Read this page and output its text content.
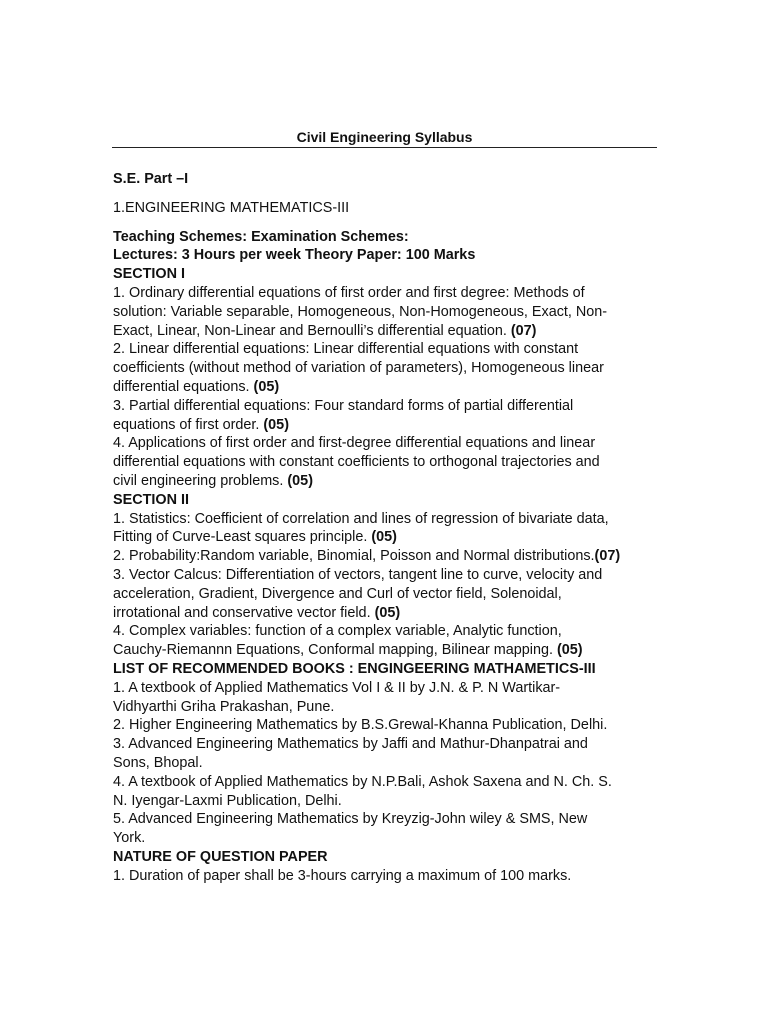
Civil Engineering Syllabus
S.E. Part –I
1.ENGINEERING MATHEMATICS-III
Teaching Schemes: Examination Schemes:
Lectures: 3 Hours per week Theory Paper: 100 Marks
SECTION I
1. Ordinary differential equations of first order and first degree: Methods of
solution: Variable separable, Homogeneous, Non-Homogeneous, Exact, Non-
Exact, Linear, Non-Linear and Bernoulli’s differential equation. (07)
2. Linear differential equations: Linear differential equations with constant
coefficients (without method of variation of parameters), Homogeneous linear
differential equations. (05)
3. Partial differential equations: Four standard forms of partial differential
equations of first order. (05)
4. Applications of first order and first-degree differential equations and linear
differential equations with constant coefficients to orthogonal trajectories and
civil engineering problems. (05)
SECTION II
1. Statistics: Coefficient of correlation and lines of regression of bivariate data,
Fitting of Curve-Least squares principle. (05)
2. Probability:Random variable, Binomial, Poisson and Normal distributions.(07)
3. Vector Calcus: Differentiation of vectors, tangent line to curve, velocity and
acceleration, Gradient, Divergence and Curl of vector field, Solenoidal,
irrotational and conservative vector field. (05)
4. Complex variables: function of a complex variable, Analytic function,
Cauchy-Riemannn Equations, Conformal mapping, Bilinear mapping. (05)
LIST OF RECOMMENDED BOOKS : ENGINGEERING MATHAMETICS-III
1. A textbook of Applied Mathematics Vol I & II by J.N. & P. N Wartikar-
Vidhyarthi Griha Prakashan, Pune.
2. Higher Engineering Mathematics by B.S.Grewal-Khanna Publication, Delhi.
3. Advanced Engineering Mathematics by Jaffi and Mathur-Dhanpatrai and
Sons, Bhopal.
4. A textbook of Applied Mathematics by N.P.Bali, Ashok Saxena and N. Ch. S.
N. Iyengar-Laxmi Publication, Delhi.
5. Advanced Engineering Mathematics by Kreyzig-John wiley & SMS, New
York.
NATURE OF QUESTION PAPER
1. Duration of paper shall be 3-hours carrying a maximum of 100 marks.
